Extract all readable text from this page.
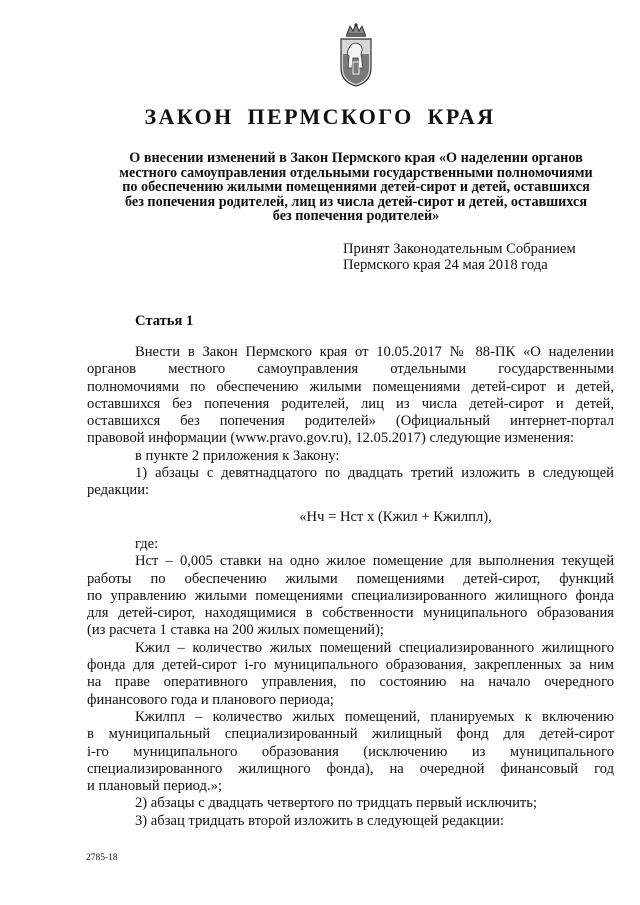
ЗАКОН ПЕРМСКОГО КРАЯ
О внесении изменений в Закон Пермского края «О наделении органов
местного самоуправления отдельными государственными полномочиями
по обеспечению жилыми помещениями детей-сирот и детей, оставшихся
без попечения родителей, лиц из числа детей-сирот и детей, оставшихся
без попечения родителей»
Принят Законодательным Собранием
Пермского края 24 мая 2018 года
Статья 1

Внести в Закон Пермского края от 10.05.2017 № 88-ПК «О наделении

органов местного самоуправления отдельными государственными

полномочиями по обеспечению жилыми помещениями детей-сирот и детей,

оставшихся без попечения родителей, лиц из числа детей-сирот и детей,

оставшихся без попечения родителей» (Официальный интернет-портал

правовой информации (www.pravo.gov.ru), 12.05.2017) следующие изменения:

в пункте 2 приложения к Закону:

1) абзацы с девятнадцатого по двадцать третий изложить в следующей

редакции:

«Нч = Нст х (Кжил + Кжилпл),

где:

Нст – 0,005 ставки на одно жилое помещение для выполнения текущей

работы по обеспечению жилыми помещениями детей-сирот, функций

по управлению жилыми помещениями специализированного жилищного фонда

для детей-сирот, находящимися в собственности муниципального образования

(из расчета 1 ставка на 200 жилых помещений);

Кжил – количество жилых помещений специализированного жилищного

фонда для детей-сирот i-го муниципального образования, закрепленных за ним

на праве оперативного управления, по состоянию на начало очередного

финансового года и планового периода;

Кжилпл – количество жилых помещений, планируемых к включению

в муниципальный специализированный жилищный фонд для детей-сирот

i-го муниципального образования (исключению из муниципального

специализированного жилищного фонда), на очередной финансовый год

и плановый период.»;

2) абзацы с двадцать четвертого по тридцать первый исключить;

3) абзац тридцать второй изложить в следующей редакции:

2785-18
